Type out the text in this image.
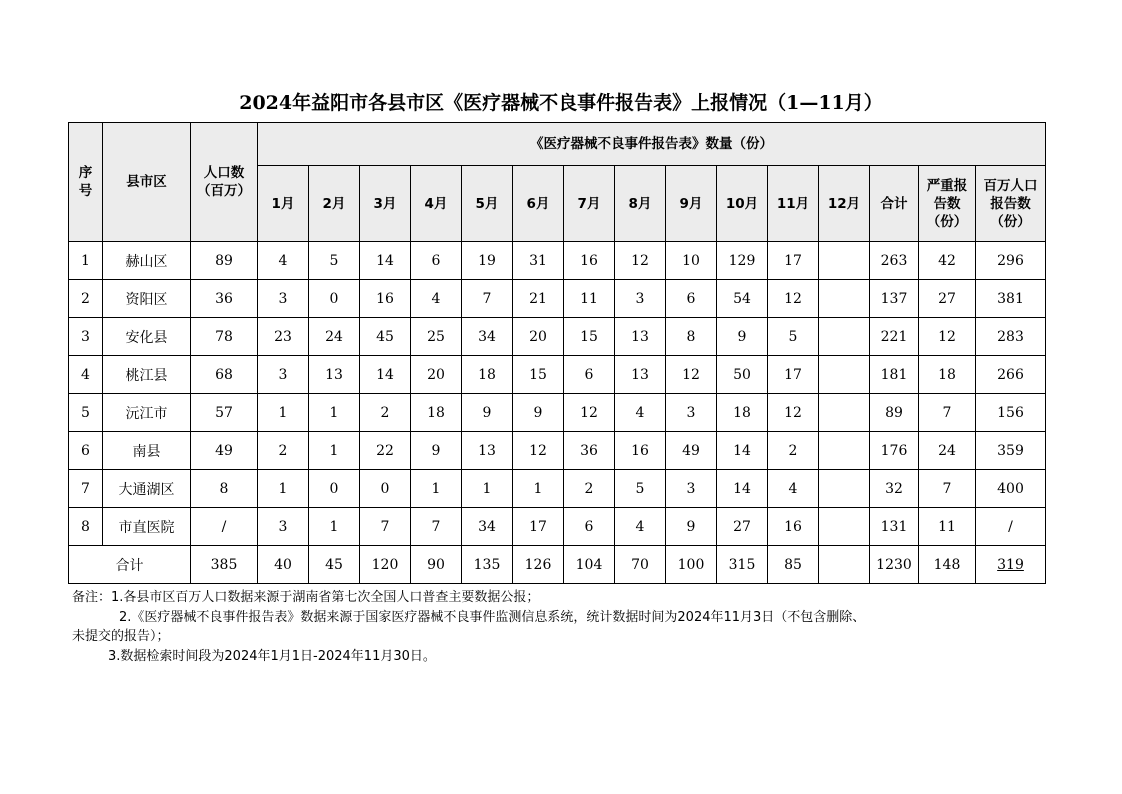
2024年益阳市各县市区《医疗器械不良事件报告表》上报情况（1—11月）
序号	县市区	人口数（百万）	《医疗器械不良事件报告表》数量（份）														
			1月	2月	3月	4月	5月	6月	7月	8月	9月	10月	11月	12月	合计	严重报告数（份）	百万人口报告数（份）
1	赫山区	89	4	5	14	6	19	31	16	12	10	129	17		263	42	296
2	资阳区	36	3	0	16	4	7	21	11	3	6	54	12		137	27	381
3	安化县	78	23	24	45	25	34	20	15	13	8	9	5		221	12	283
4	桃江县	68	3	13	14	20	18	15	6	13	12	50	17		181	18	266
5	沅江市	57	1	1	2	18	9	9	12	4	3	18	12		89	7	156
6	南县	49	2	1	22	9	13	12	36	16	49	14	2		176	24	359
7	大通湖区	8	1	0	0	1	1	1	2	5	3	14	4		32	7	400
8	市直医院	/	3	1	7	7	34	17	6	4	9	27	16		131	11	/
合计		385	40	45	120	90	135	126	104	70	100	315	85		1230	148	319

备注：1.各县市区百万人口数据来源于湖南省第七次全国人口普查主要数据公报；

2.《医疗器械不良事件报告表》数据来源于国家医疗器械不良事件监测信息系统，统计数据时间为2024年11月3日（不包含删除、

未提交的报告）；

3.数据检索时间段为2024年1月1日-2024年11月30日。
